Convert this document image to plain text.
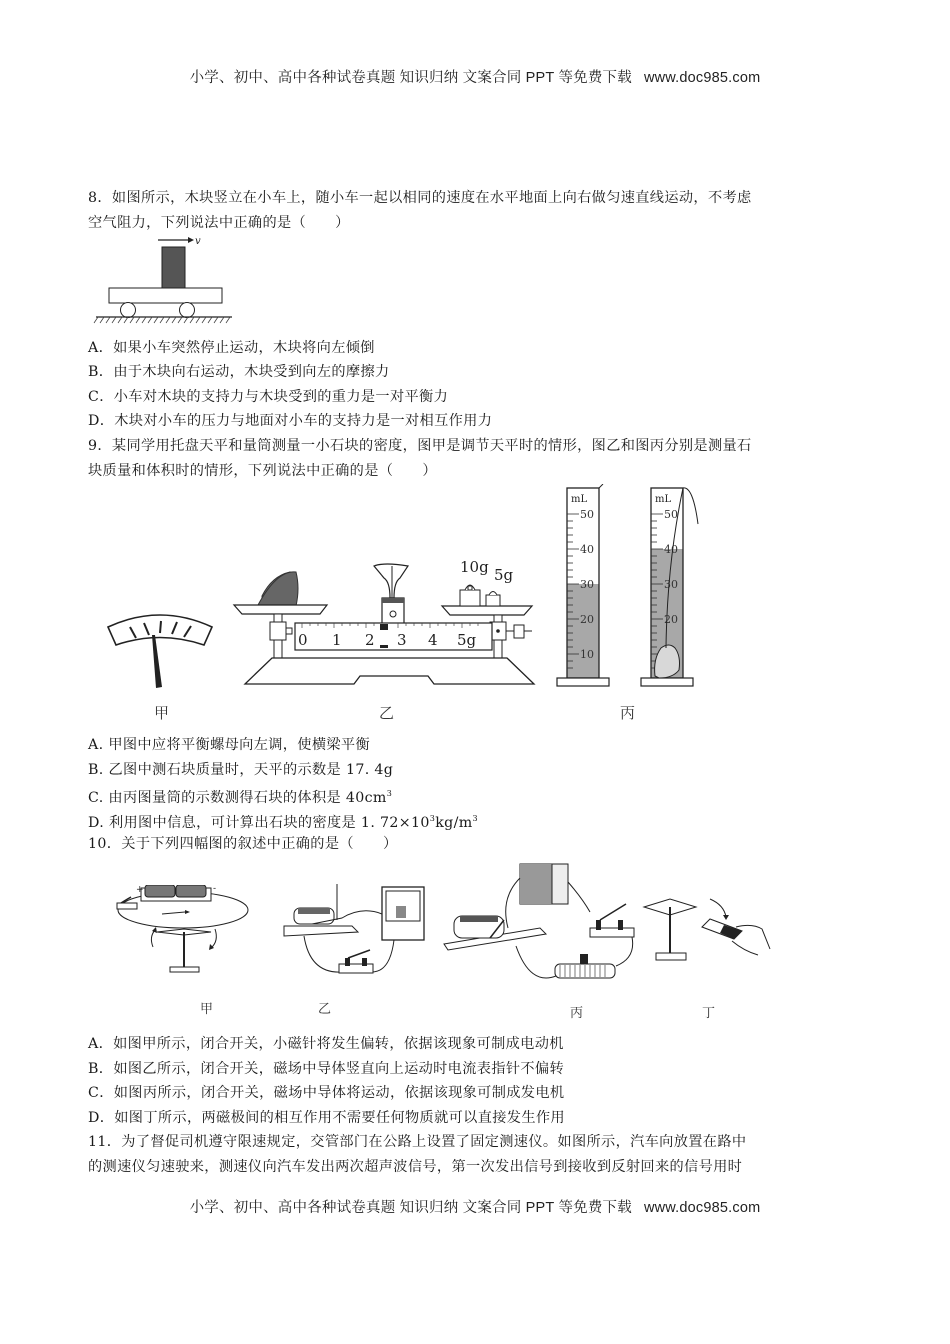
小学、初中、高中各种试卷真题 知识归纳 文案合同 PPT 等免费下载 www.doc985.com
8．如图所示，木块竖立在小车上，随小车一起以相同的速度在水平地面上向右做匀速直线运动，不考虑
空气阻力，下列说法中正确的是（　　）
v
A．如果小车突然停止运动，木块将向左倾倒
B．由于木块向右运动，木块受到向左的摩擦力
C．小车对木块的支持力与木块受到的重力是一对平衡力
D．木块对小车的压力与地面对小车的支持力是一对相互作用力
9．某同学用托盘天平和量筒测量一小石块的密度，图甲是调节天平时的情形，图乙和图丙分别是测量石
块质量和体积时的情形，下列说法中正确的是（　　）
甲
10g 5g
0 1 2 3 4 5g
乙
mL
50
40
30
20
10
mL
50
40
30
20
丙
A. 甲图中应将平衡螺母向左调，使横梁平衡
B. 乙图中测石块质量时，天平的示数是 17. 4g
C. 由丙图量筒的示数测得石块的体积是 $40cm^3$
D. 利用图中信息，可计算出石块的密度是 1. $72\times 10^3kg/m^3$
10．关于下列四幅图的叙述中正确的是（　　）
+	-
甲	乙	丙	丁
A．如图甲所示，闭合开关，小磁针将发生偏转，依据该现象可制成电动机
B．如图乙所示，闭合开关，磁场中导体竖直向上运动时电流表指针不偏转
C．如图丙所示，闭合开关，磁场中导体将运动，依据该现象可制成发电机
D．如图丁所示，两磁极间的相互作用不需要任何物质就可以直接发生作用
11．为了督促司机遵守限速规定，交管部门在公路上设置了固定测速仪。如图所示，汽车向放置在路中
的测速仪匀速驶来，测速仪向汽车发出两次超声波信号，第一次发出信号到接收到反射回来的信号用时
小学、初中、高中各种试卷真题 知识归纳 文案合同 PPT 等免费下载 www.doc985.com
